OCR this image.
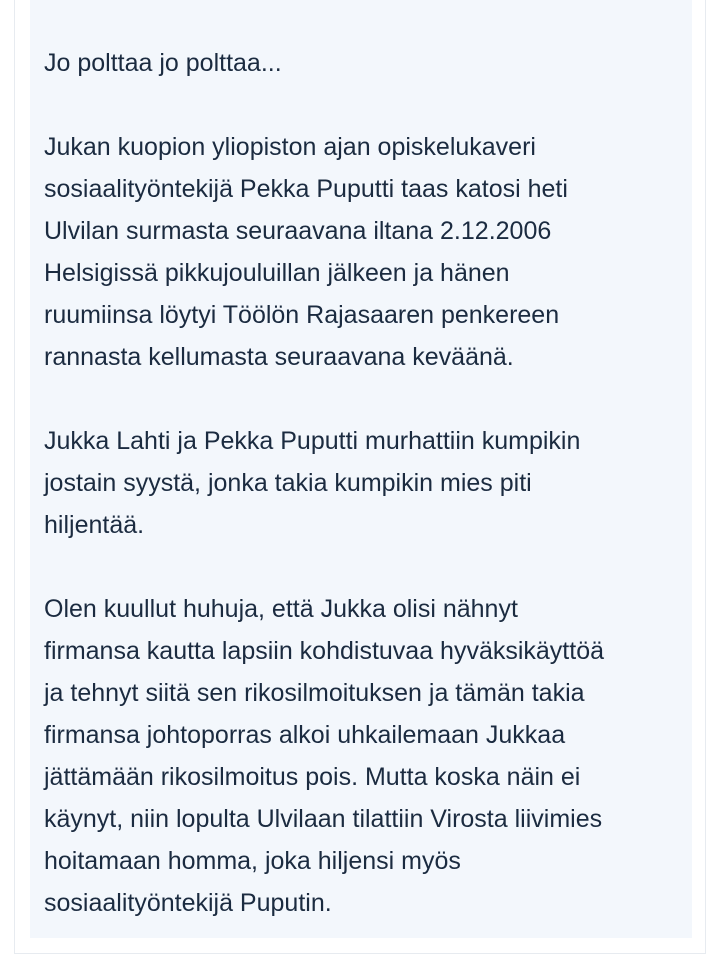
Jo polttaa jo polttaa...

Jukan kuopion yliopiston ajan opiskelukaveri
sosiaalityöntekijä Pekka Puputti taas katosi heti
Ulvilan surmasta seuraavana iltana 2.12.2006
Helsigissä pikkujouluillan jälkeen ja hänen
ruumiinsa löytyi Töölön Rajasaaren penkereen
rannasta kellumasta seuraavana keväänä.

Jukka Lahti ja Pekka Puputti murhattiin kumpikin
jostain syystä, jonka takia kumpikin mies piti
hiljentää.

Olen kuullut huhuja, että Jukka olisi nähnyt
firmansa kautta lapsiin kohdistuvaa hyväksikäyttöä
ja tehnyt siitä sen rikosilmoituksen ja tämän takia
firmansa johtoporras alkoi uhkailemaan Jukkaa
jättämään rikosilmoitus pois. Mutta koska näin ei
käynyt, niin lopulta Ulvilaan tilattiin Virosta liivimies
hoitamaan homma, joka hiljensi myös
sosiaalityöntekijä Puputin.
